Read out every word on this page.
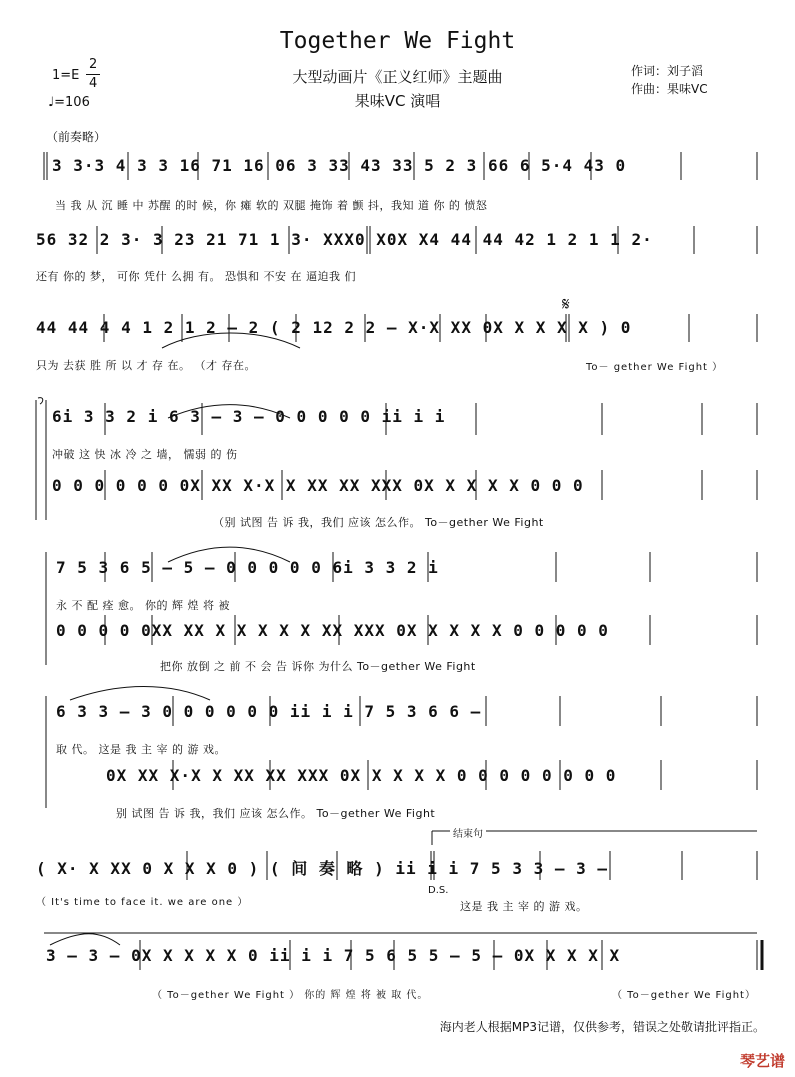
Together We Fight
大型动画片《正义红师》主题曲
果味VC 演唱
1=E
2
4
♩=106
作词：刘子滔
作曲：果味VC
（前奏略）
3 3·3 4 3 3 16 71 16 06 3 33 43 33 5 2 3 66 6 5·4 43 0
当 我 从 沉 睡 中 苏醒 的时 候，你 瘫 软的 双腿 掩饰 着 颤 抖，我知 道 你 的 愤怒
56 32 2 3· 3 23 21 71 1 3· XXX0 X0X X4 44 44 42 1 2 1 1 2·
还有 你的 梦， 可你 凭什 么拥 有。 恐惧和 不安 在 逼迫我 们
𝄋
44 44 4 4 1 2 1 2 – 2 ( 2 12 2 2 – X·X XX 0X X X X X ) 0
只为 去获 胜 所 以 才 存 在。 （才 存在。	To－ gether We Fight ）
6i 3 3 2 i 6 3 – 3 – 0 0 0 0 0 ii i i
冲破 这 快 冰 冷 之 墙， 懦弱 的 伤
0 0 0 0 0 0 0X XX X·X X XX XX XXX 0X X X X X 0 0 0
（别 试图 告 诉 我，我们 应该 怎么作。 To－gether We Fight
7 5 3 6 5 – 5 – 0 0 0 0 0 6i 3 3 2 i
永 不 配 痊 愈。 你的 辉 煌 将 被
0 0 0 0 0XX XX X X X X X XX XXX 0X X X X X 0 0 0 0 0
把你 放倒 之 前 不 会 告 诉你 为什么 To－gether We Fight
6 3 3 – 3 0 0 0 0 0 0 ii i i 7 5 3 6 6 –
取 代。 这是 我 主 宰 的 游 戏。
0X XX X·X X XX XX XXX 0X X X X X 0 0 0 0 0 0 0 0
别 试图 告 诉 我，我们 应该 怎么作。 To－gether We Fight
结束句
( X· X XX 0 X X X 0 ) ( 间 奏 略 ) ii i i 7 5 3 3 – 3 –
（ It's time to face it. we are one ）
D.S.
这是 我 主 宰 的 游 戏。
3 – 3 – 0X X X X X 0 ii i i 7 5 6 5 5 – 5 – 0X X X X X
（ To－gether We Fight ） 你的 辉 煌 将 被 取 代。	（ To－gether We Fight）
海内老人根据MP3记谱，仅供参考，错误之处敬请批评指正。
琴艺谱
